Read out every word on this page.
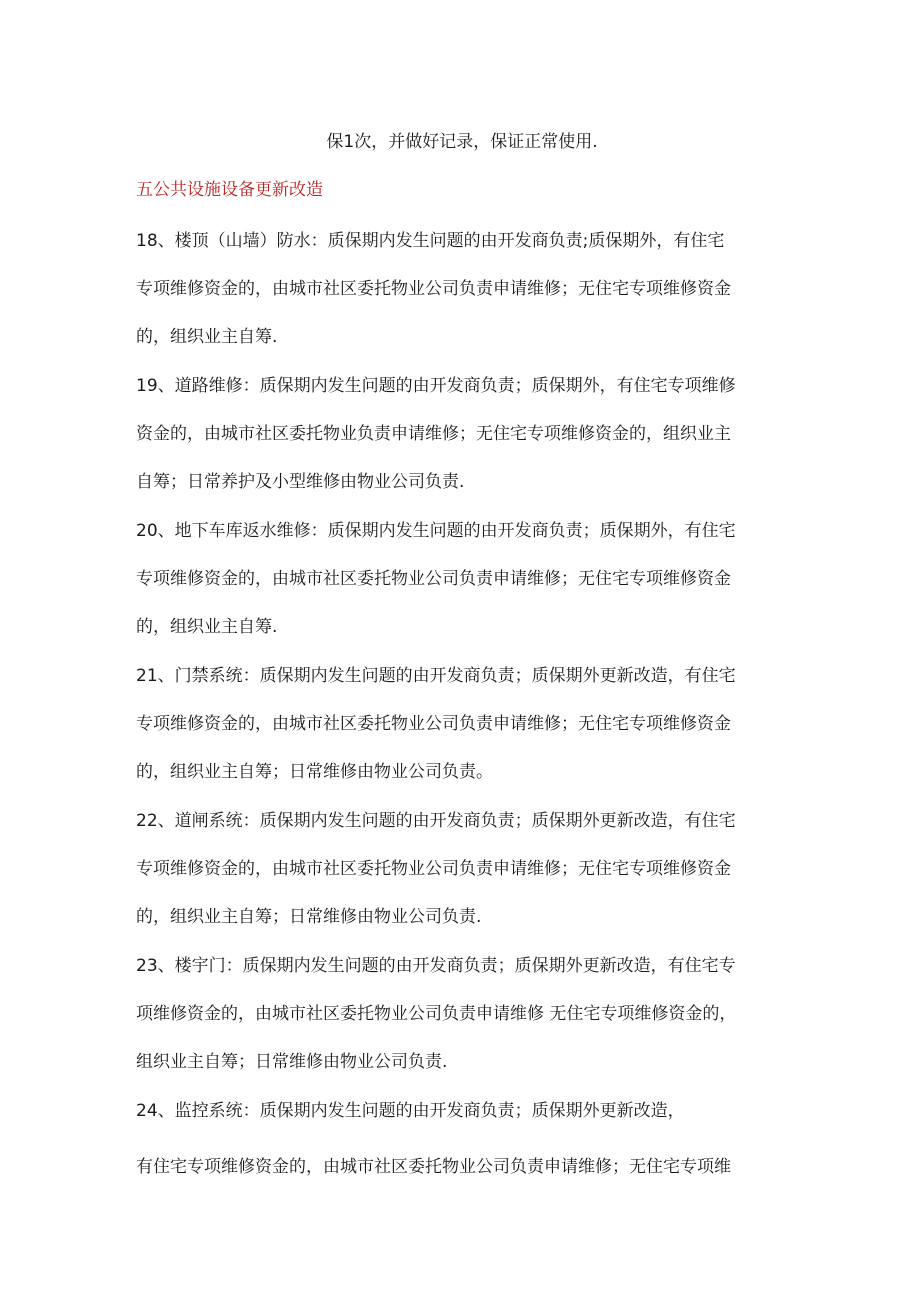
保1次，并做好记录，保证正常使用.
五公共设施设备更新改造
18、楼顶（山墙）防水：质保期内发生问题的由开发商负责;质保期外，有住宅
专项维修资金的，由城市社区委托物业公司负责申请维修；无住宅专项维修资金
的，组织业主自筹.
19、道路维修：质保期内发生问题的由开发商负责；质保期外，有住宅专项维修
资金的，由城市社区委托物业负责申请维修；无住宅专项维修资金的，组织业主
自筹；日常养护及小型维修由物业公司负责.
20、地下车库返水维修：质保期内发生问题的由开发商负责；质保期外，有住宅
专项维修资金的，由城市社区委托物业公司负责申请维修；无住宅专项维修资金
的，组织业主自筹.
21、门禁系统：质保期内发生问题的由开发商负责；质保期外更新改造，有住宅
专项维修资金的，由城市社区委托物业公司负责申请维修；无住宅专项维修资金
的，组织业主自筹；日常维修由物业公司负责。
22、道闸系统：质保期内发生问题的由开发商负责；质保期外更新改造，有住宅
专项维修资金的，由城市社区委托物业公司负责申请维修；无住宅专项维修资金
的，组织业主自筹；日常维修由物业公司负责.
23、楼宇门：质保期内发生问题的由开发商负责；质保期外更新改造，有住宅专
项维修资金的，由城市社区委托物业公司负责申请维修 无住宅专项维修资金的，
组织业主自筹；日常维修由物业公司负责.
24、监控系统：质保期内发生问题的由开发商负责；质保期外更新改造，
有住宅专项维修资金的，由城市社区委托物业公司负责申请维修；无住宅专项维
